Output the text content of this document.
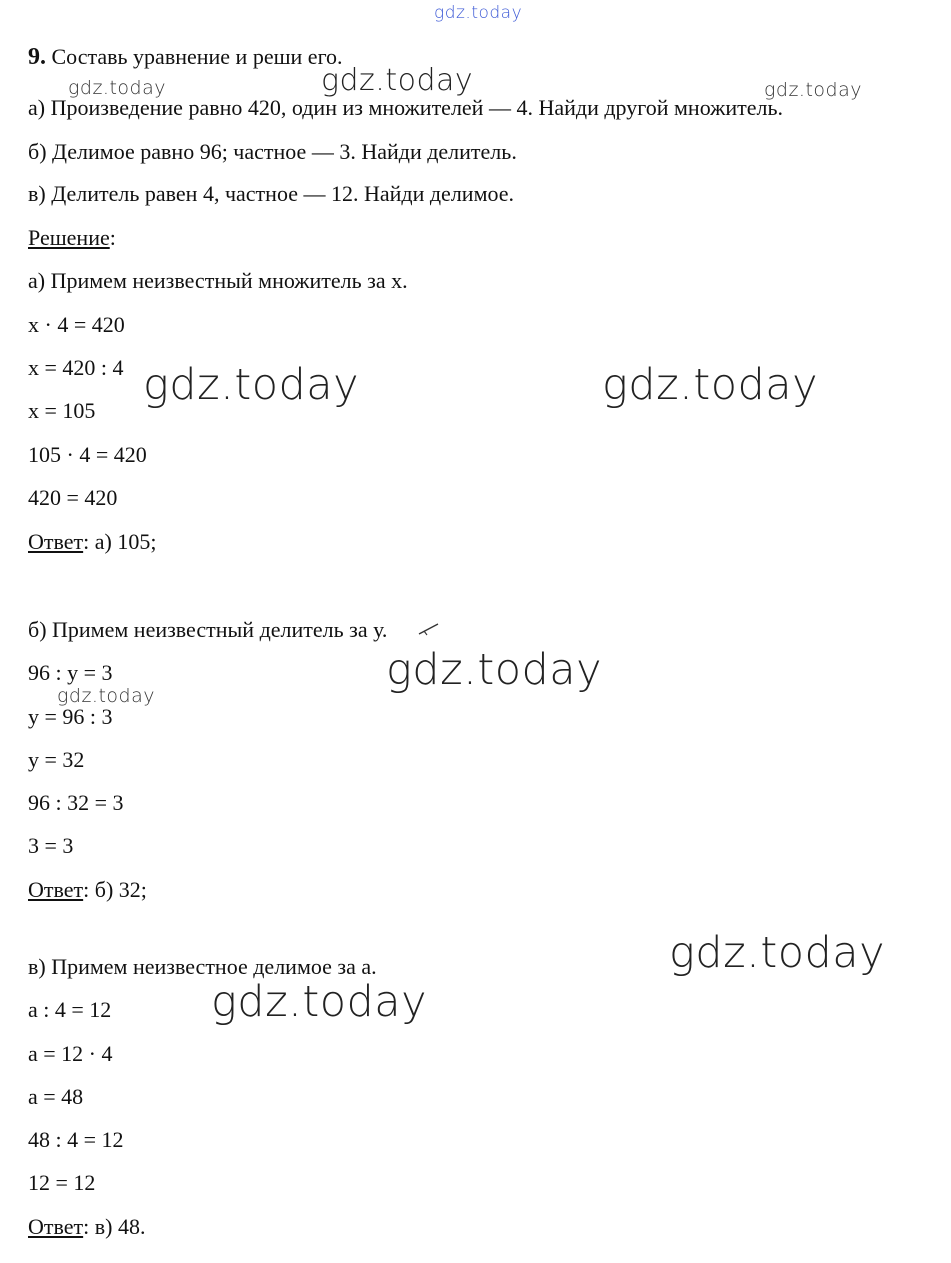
gdz.today
gdz.today	gdz.today	gdz.today
gdz.today	gdz.today
gdz.today
gdz.today
gdz.today
gdz.today
9. Составь уравнение и реши его.
а) Произведение равно 420, один из множителей — 4. Найди другой множитель.
б) Делимое равно 96; частное — 3. Найди делитель.
в) Делитель равен 4, частное — 12. Найди делимое.
Решение:
а) Примем неизвестный множитель за х.
х · 4 = 420
х = 420 : 4
х = 105
105 · 4 = 420
420 = 420
Ответ: а) 105;
б) Примем неизвестный делитель за у.
96 : у = 3
у = 96 : 3
у = 32
96 : 32 = 3
3 = 3
Ответ: б) 32;
в) Примем неизвестное делимое за а.
а : 4 = 12
а = 12 · 4
а = 48
48 : 4 = 12
12 = 12
Ответ: в) 48.
